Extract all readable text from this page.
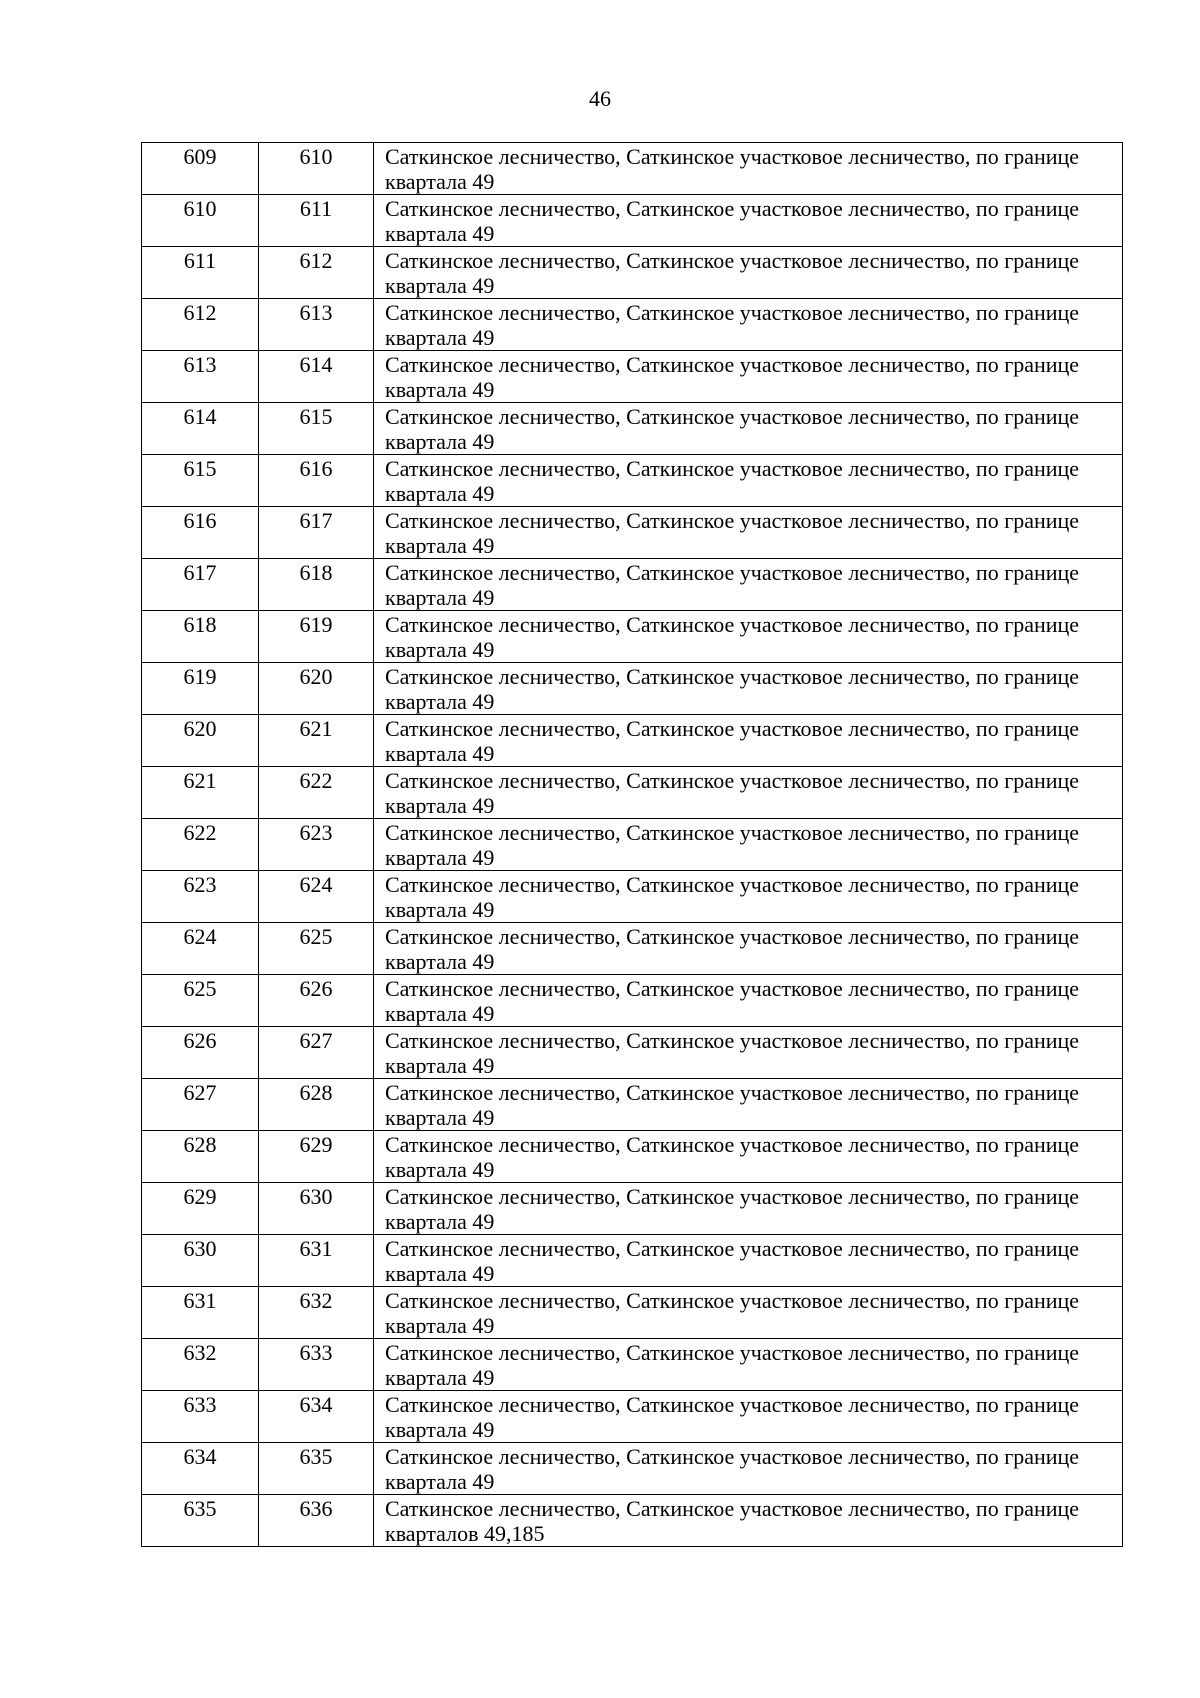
46
609	610	Саткинское лесничество, Саткинское участковое лесничество, по границе квартала 49
610	611	Саткинское лесничество, Саткинское участковое лесничество, по границе квартала 49
611	612	Саткинское лесничество, Саткинское участковое лесничество, по границе квартала 49
612	613	Саткинское лесничество, Саткинское участковое лесничество, по границе квартала 49
613	614	Саткинское лесничество, Саткинское участковое лесничество, по границе квартала 49
614	615	Саткинское лесничество, Саткинское участковое лесничество, по границе квартала 49
615	616	Саткинское лесничество, Саткинское участковое лесничество, по границе квартала 49
616	617	Саткинское лесничество, Саткинское участковое лесничество, по границе квартала 49
617	618	Саткинское лесничество, Саткинское участковое лесничество, по границе квартала 49
618	619	Саткинское лесничество, Саткинское участковое лесничество, по границе квартала 49
619	620	Саткинское лесничество, Саткинское участковое лесничество, по границе квартала 49
620	621	Саткинское лесничество, Саткинское участковое лесничество, по границе квартала 49
621	622	Саткинское лесничество, Саткинское участковое лесничество, по границе квартала 49
622	623	Саткинское лесничество, Саткинское участковое лесничество, по границе квартала 49
623	624	Саткинское лесничество, Саткинское участковое лесничество, по границе квартала 49
624	625	Саткинское лесничество, Саткинское участковое лесничество, по границе квартала 49
625	626	Саткинское лесничество, Саткинское участковое лесничество, по границе квартала 49
626	627	Саткинское лесничество, Саткинское участковое лесничество, по границе квартала 49
627	628	Саткинское лесничество, Саткинское участковое лесничество, по границе квартала 49
628	629	Саткинское лесничество, Саткинское участковое лесничество, по границе квартала 49
629	630	Саткинское лесничество, Саткинское участковое лесничество, по границе квартала 49
630	631	Саткинское лесничество, Саткинское участковое лесничество, по границе квартала 49
631	632	Саткинское лесничество, Саткинское участковое лесничество, по границе квартала 49
632	633	Саткинское лесничество, Саткинское участковое лесничество, по границе квартала 49
633	634	Саткинское лесничество, Саткинское участковое лесничество, по границе квартала 49
634	635	Саткинское лесничество, Саткинское участковое лесничество, по границе квартала 49
635	636	Саткинское лесничество, Саткинское участковое лесничество, по границе кварталов 49,185
